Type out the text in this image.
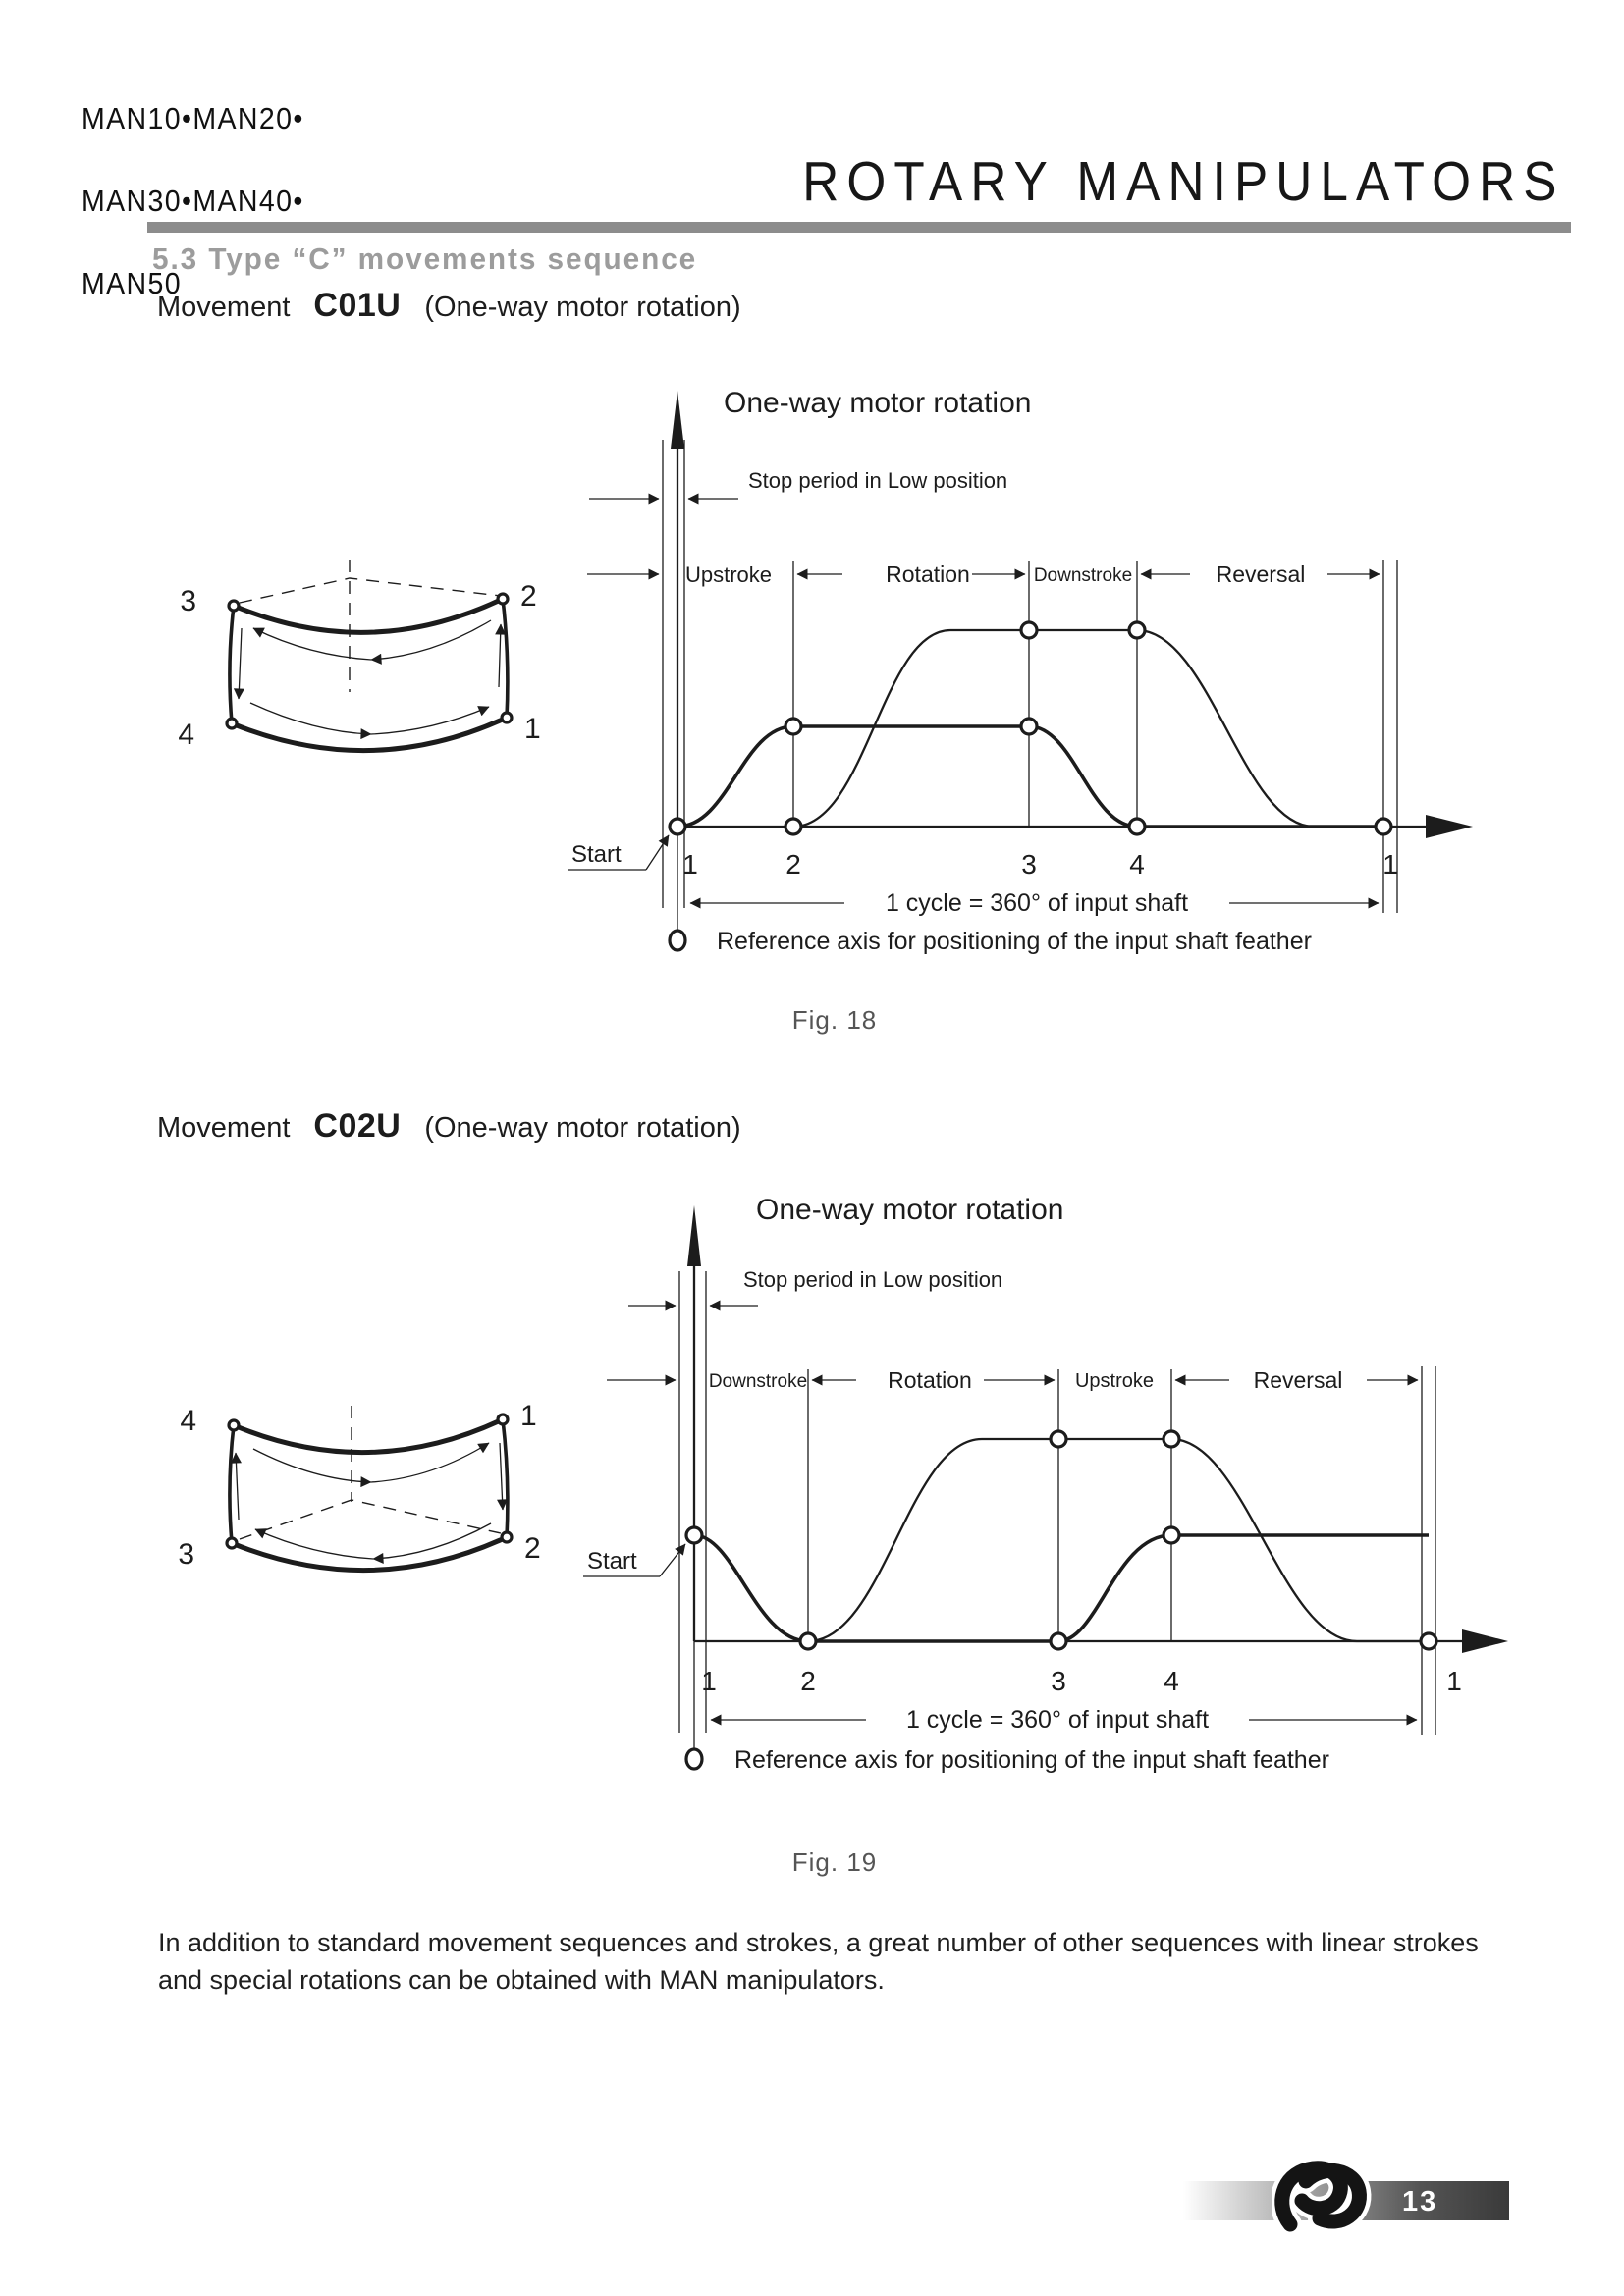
MAN10•MAN20•

MAN30•MAN40•

MAN50

ROTARY MANIPULATORS
5.3 Type “C” movements sequence
Movement C01U (One-way motor rotation)
Movement C02U (One-way motor rotation)
3	2
4	1
One-way motor rotation
Stop period in Low position
Upstroke	Rotation	Downstroke	Reversal
Start 1	2	3	4	1
1 cycle = 360° of input shaft
Reference axis for positioning of the input shaft feather
4	1
3	2
One-way motor rotation
Stop period in Low position
Downstroke	Rotation	Upstroke	Reversal
Start
1	2	3	4	1
1 cycle = 360° of input shaft
Reference axis for positioning of the input shaft feather
Fig. 18
Fig. 19
In addition to standard movement sequences and strokes, a great number of other sequences with linear strokes and special rotations can be obtained with MAN manipulators.
13
